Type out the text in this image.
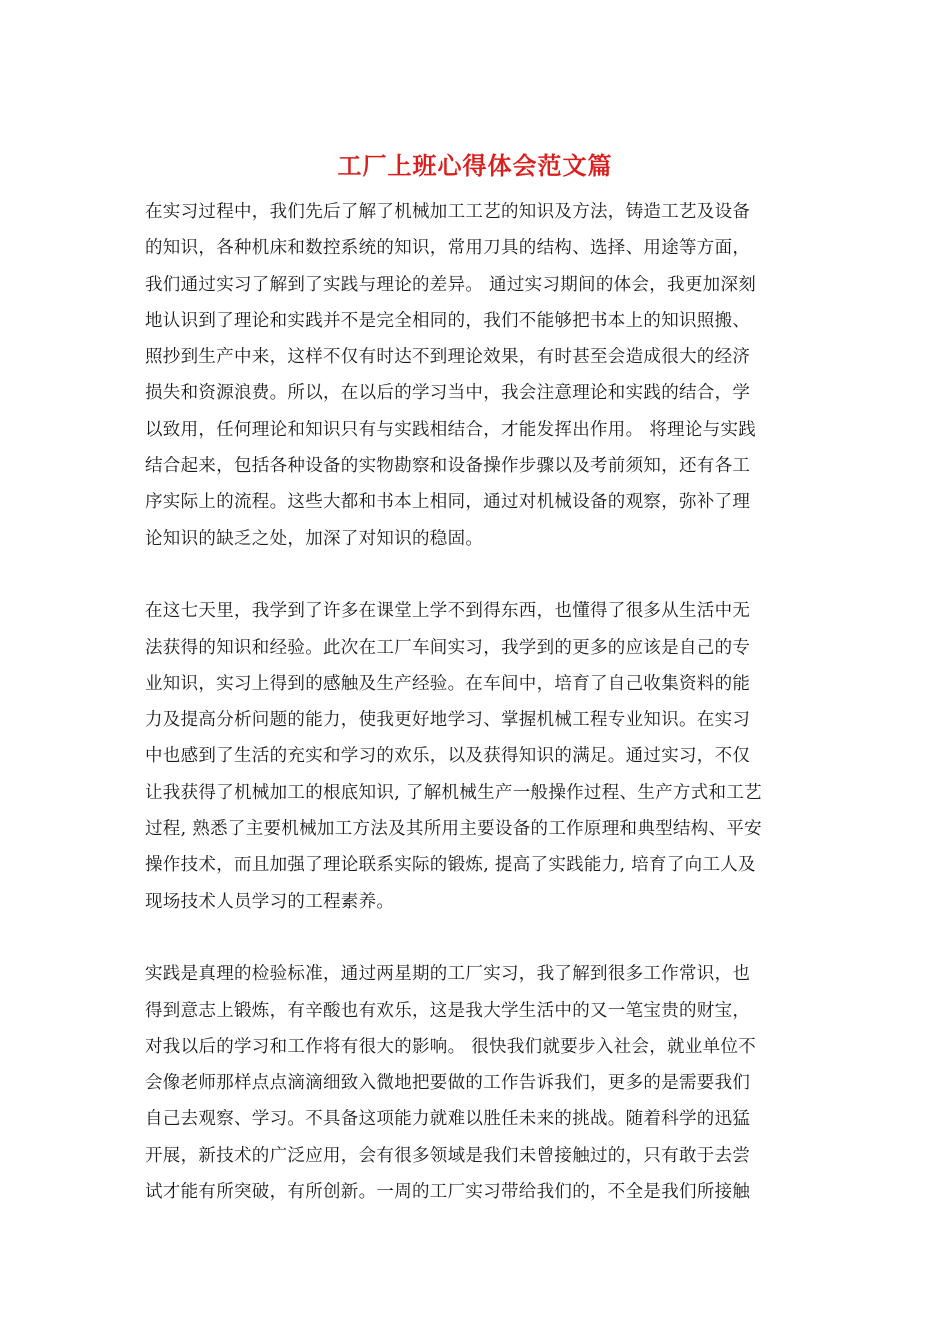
工厂上班心得体会范文篇
在实习过程中，我们先后了解了机械加工工艺的知识及方法，铸造工艺及设备
的知识，各种机床和数控系统的知识，常用刀具的结构、选择、用途等方面，
我们通过实习了解到了实践与理论的差异。 通过实习期间的体会，我更加深刻
地认识到了理论和实践并不是完全相同的，我们不能够把书本上的知识照搬、
照抄到生产中来，这样不仅有时达不到理论效果，有时甚至会造成很大的经济
损失和资源浪费。所以，在以后的学习当中，我会注意理论和实践的结合，学
以致用，任何理论和知识只有与实践相结合，才能发挥出作用。 将理论与实践
结合起来，包括各种设备的实物勘察和设备操作步骤以及考前须知，还有各工
序实际上的流程。这些大都和书本上相同，通过对机械设备的观察，弥补了理
论知识的缺乏之处，加深了对知识的稳固。
在这七天里，我学到了许多在课堂上学不到得东西，也懂得了很多从生活中无
法获得的知识和经验。此次在工厂车间实习，我学到的更多的应该是自己的专
业知识，实习上得到的感触及生产经验。在车间中，培育了自己收集资料的能
力及提高分析问题的能力，使我更好地学习、掌握机械工程专业知识。在实习
中也感到了生活的充实和学习的欢乐，以及获得知识的满足。通过实习，不仅
让我获得了机械加工的根底知识, 了解机械生产一般操作过程、生产方式和工艺
过程, 熟悉了主要机械加工方法及其所用主要设备的工作原理和典型结构、平安
操作技术，而且加强了理论联系实际的锻炼, 提高了实践能力, 培育了向工人及
现场技术人员学习的工程素养。
实践是真理的检验标准，通过两星期的工厂实习，我了解到很多工作常识，也
得到意志上锻炼，有辛酸也有欢乐，这是我大学生活中的又一笔宝贵的财宝，
对我以后的学习和工作将有很大的影响。 很快我们就要步入社会，就业单位不
会像老师那样点点滴滴细致入微地把要做的工作告诉我们，更多的是需要我们
自己去观察、学习。不具备这项能力就难以胜任未来的挑战。随着科学的迅猛
开展，新技术的广泛应用，会有很多领域是我们未曾接触过的，只有敢于去尝
试才能有所突破，有所创新。一周的工厂实习带给我们的，不全是我们所接触
